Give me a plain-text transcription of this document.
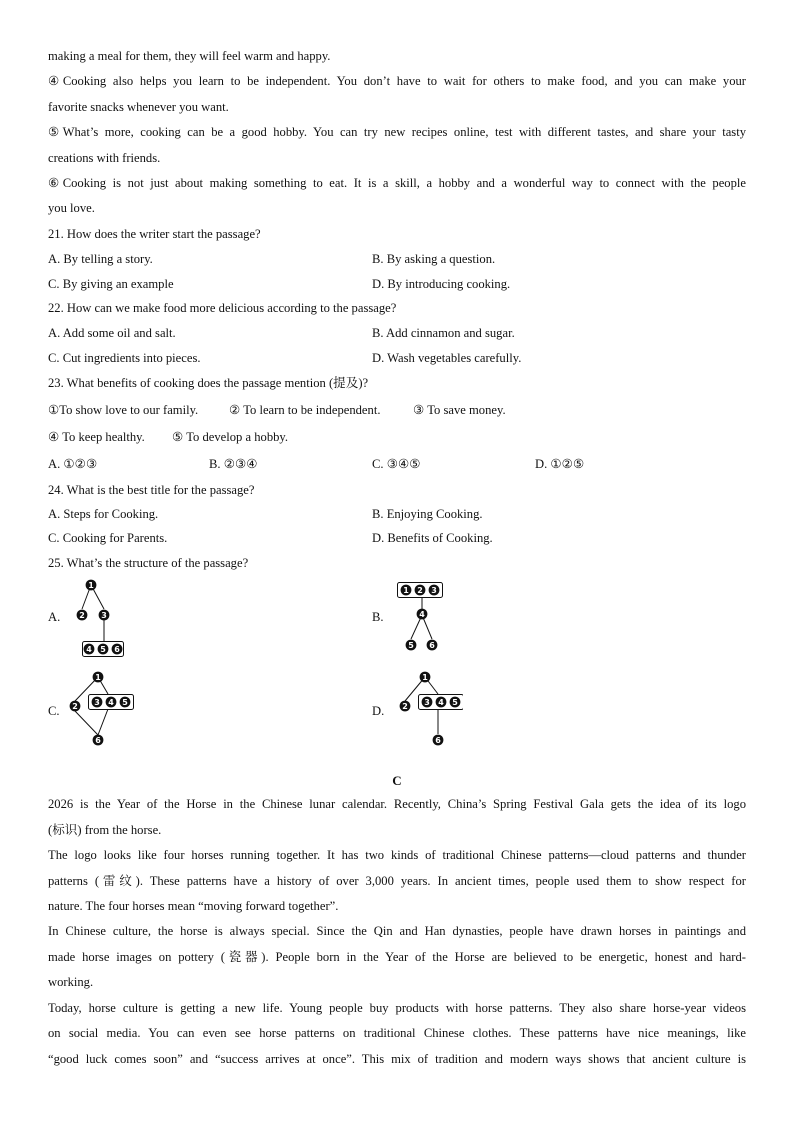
making a meal for them, they will feel warm and happy.
④Cooking also helps you learn to be independent. You don’t have to wait for others to make food, and you can make your
favorite snacks whenever you want.
⑤What’s more, cooking can be a good hobby. You can try new recipes online, test with different tastes, and share your tasty
creations with friends.
⑥Cooking is not just about making something to eat. It is a skill, a hobby and a wonderful way to connect with the people
you love.
21. How does the writer start the passage?
A. By telling a story.	B. By asking a question.
C. By giving an example	D. By introducing cooking.
22. How can we make food more delicious according to the passage?
A. Add some oil and salt.	B. Add cinnamon and sugar.
C. Cut ingredients into pieces.	D. Wash vegetables carefully.
23. What benefits of cooking does the passage mention (提及)?
①To show love to our family. ② To learn to be independent.	③ To save money.
④ To keep healthy. ⑤ To develop a hobby.
A. ①②③	B. ②③④	C. ③④⑤	D. ①②⑤
24. What is the best title for the passage?
A. Steps for Cooking.	B. Enjoying Cooking.
C. Cooking for Parents.	D. Benefits of Cooking.
25. What’s the structure of the passage?
A.	B.
C.	D.
1
2 3
4 5 6
1 2 3
4
5 6
1
2 3 4 5
6
1
2 3 4 5
6
C
2026 is the Year of the Horse in the Chinese lunar calendar. Recently, China’s Spring Festival Gala gets the idea of its logo
(标识) from the horse.
The logo looks like four horses running together. It has two kinds of traditional Chinese patterns—cloud patterns and thunder
patterns (雷纹). These patterns have a history of over 3,000 years. In ancient times, people used them to show respect for
nature. The four horses mean “moving forward together”.
In Chinese culture, the horse is always special. Since the Qin and Han dynasties, people have drawn horses in paintings and
made horse images on pottery (瓷器). People born in the Year of the Horse are believed to be energetic, honest and hard-
working.
Today, horse culture is getting a new life. Young people buy products with horse patterns. They also share horse-year videos
on social media. You can even see horse patterns on traditional Chinese clothes. These patterns have nice meanings, like
“good luck comes soon” and “success arrives at once”. This mix of tradition and modern ways shows that ancient culture is
